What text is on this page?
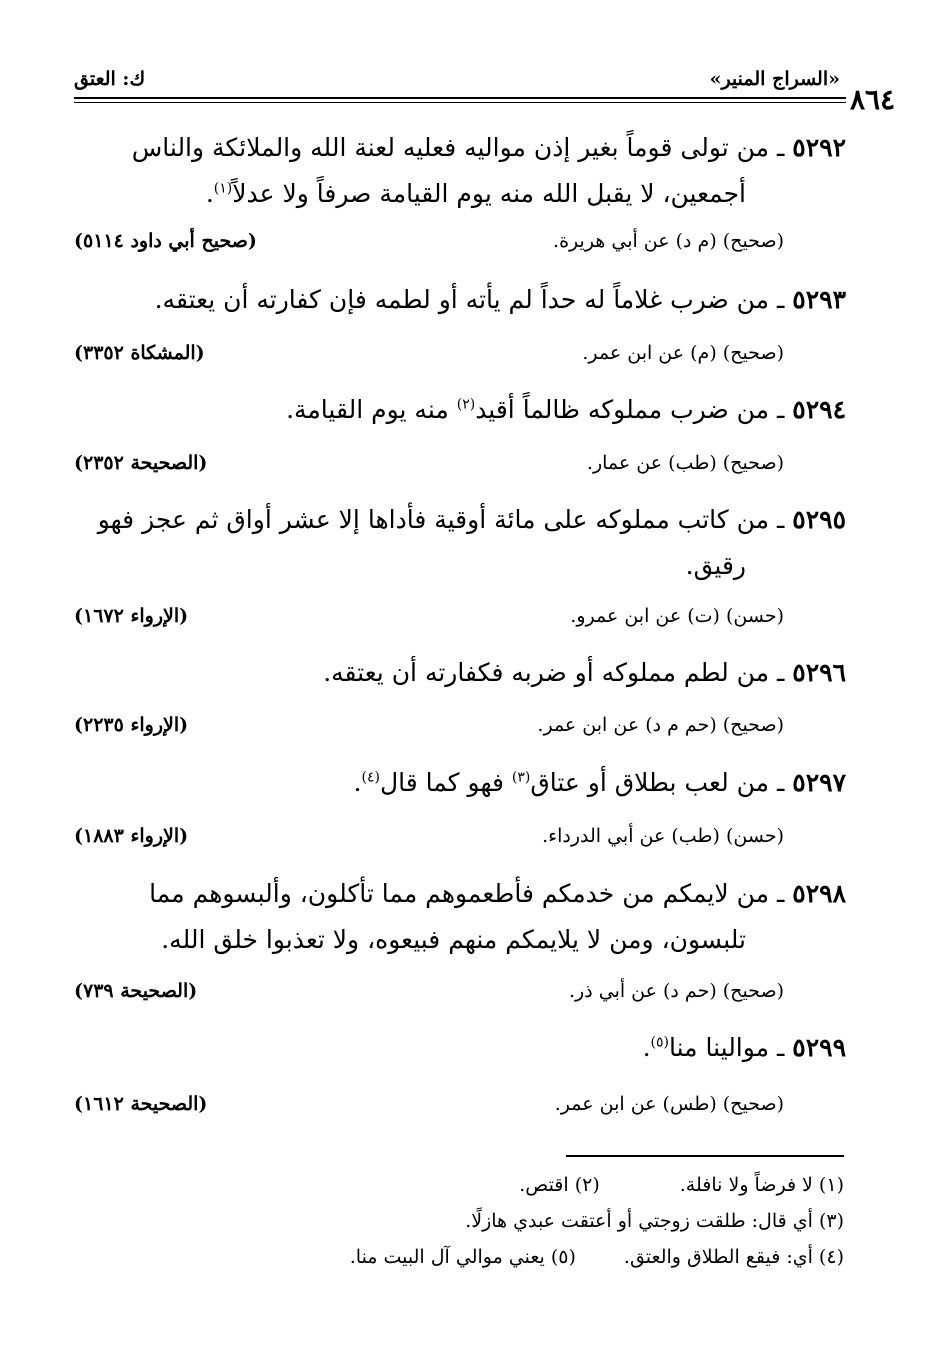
٨٦٤
«السراج المنير»
ك: العتق
٥٢٩٢ ـ من تولى قوماً بغير إذن مواليه فعليه لعنة الله والملائكة والناس
أجمعين، لا يقبل الله منه يوم القيامة صرفاً ولا عدلاً$^{(١)}$.
(صحيح) (م د) عن أبي هريرة.
(صحيح أبي داود ٥١١٤)
٥٢٩٣ ـ من ضرب غلاماً له حداً لم يأته أو لطمه فإن كفارته أن يعتقه.
(صحيح) (م) عن ابن عمر.
(المشكاة ٣٣٥٢)
٥٢٩٤ ـ من ضرب مملوكه ظالماً أقيد$^{(٢)}$ منه يوم القيامة.
(صحيح) (طب) عن عمار.
(الصحيحة ٢٣٥٢)
٥٢٩٥ ـ من كاتب مملوكه على مائة أوقية فأداها إلا عشر أواق ثم عجز فهو
رقيق.
(حسن) (ت) عن ابن عمرو.
(الإرواء ١٦٧٢)
٥٢٩٦ ـ من لطم مملوكه أو ضربه فكفارته أن يعتقه.
(صحيح) (حم م د) عن ابن عمر.
(الإرواء ٢٢٣٥)
٥٢٩٧ ـ من لعب بطلاق أو عتاق$^{(٣)}$ فهو كما قال$^{(٤)}$.
(حسن) (طب) عن أبي الدرداء.
(الإرواء ١٨٨٣)
٥٢٩٨ ـ من لايمكم من خدمكم فأطعموهم مما تأكلون، وألبسوهم مما
تلبسون، ومن لا يلايمكم منهم فبيعوه، ولا تعذبوا خلق الله.
(صحيح) (حم د) عن أبي ذر.
(الصحيحة ٧٣٩)
٥٢٩٩ ـ موالينا منا$^{(٥)}$.
(صحيح) (طس) عن ابن عمر.
(الصحيحة ١٦١٢)
(١) لا فرضاً ولا نافلة.(٢) اقتص.
(٣) أي قال: طلقت زوجتي أو أعتقت عبدي هازلًا.
(٤) أي: فيقع الطلاق والعتق.(٥) يعني موالي آل البيت منا.
